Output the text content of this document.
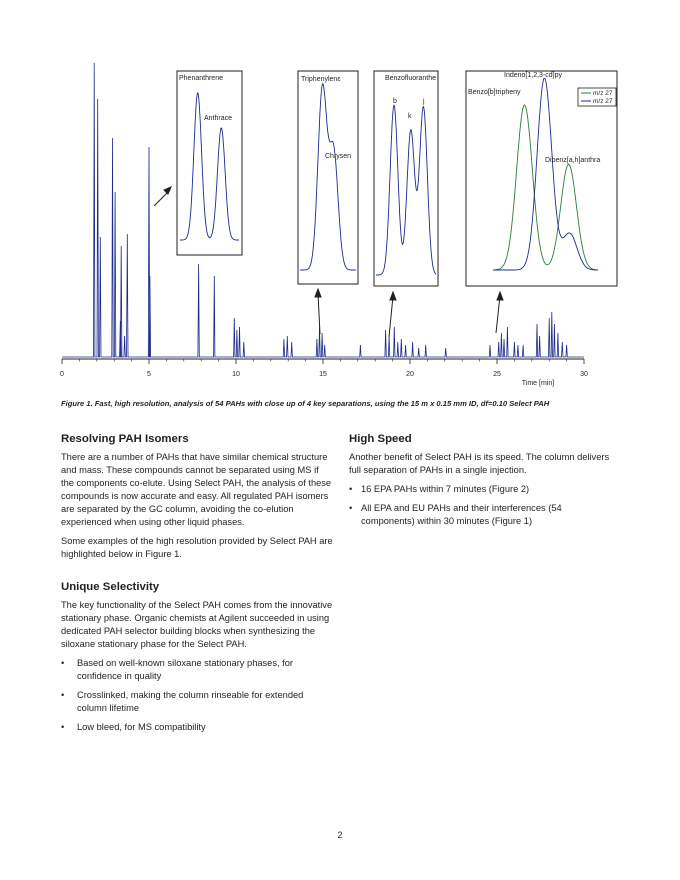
0	5	10	15	20	25	30
Time [min]
Phenanthrene
Anthrace
Triphenylenε
Chrysen
Benzofluoranthe
b
k
j
Indeno[1,2,3-cd]py
Benzo[b]tripheny
Dibenz[a,h]anthra
m/z 27
m/z 27
Figure 1. Fast, high resolution, analysis of 54 PAHs with close up of 4 key separations, using the 15 m x 0.15 mm ID, df=0.10 Select PAH
Resolving PAH Isomers

There are a number of PAHs that have similar chemical structure and mass. These compounds cannot be separated using MS if the components co-elute. Using Select PAH, the analysis of these compounds is now accurate and easy. All regulated PAH isomers are separated by the GC column, avoiding the co-elution experienced when using other liquid phases.

Some examples of the high resolution provided by Select PAH are highlighted below in Figure 1.

Unique Selectivity

The key functionality of the Select PAH comes from the innovative stationary phase. Organic chemists at Agilent succeeded in using dedicated PAH selector building blocks when synthesizing the siloxane stationary phase for the Select PAH.

• Based on well-known siloxane stationary phases, for confidence in quality
• Crosslinked, making the column rinseable for extended column lifetime
• Low bleed, for MS compatibility
High Speed

Another benefit of Select PAH is its speed. The column delivers full separation of PAHs in a single injection.

• 16 EPA PAHs within 7 minutes (Figure 2)
• All EPA and EU PAHs and their interferences (54 components) within 30 minutes (Figure 1)
2
